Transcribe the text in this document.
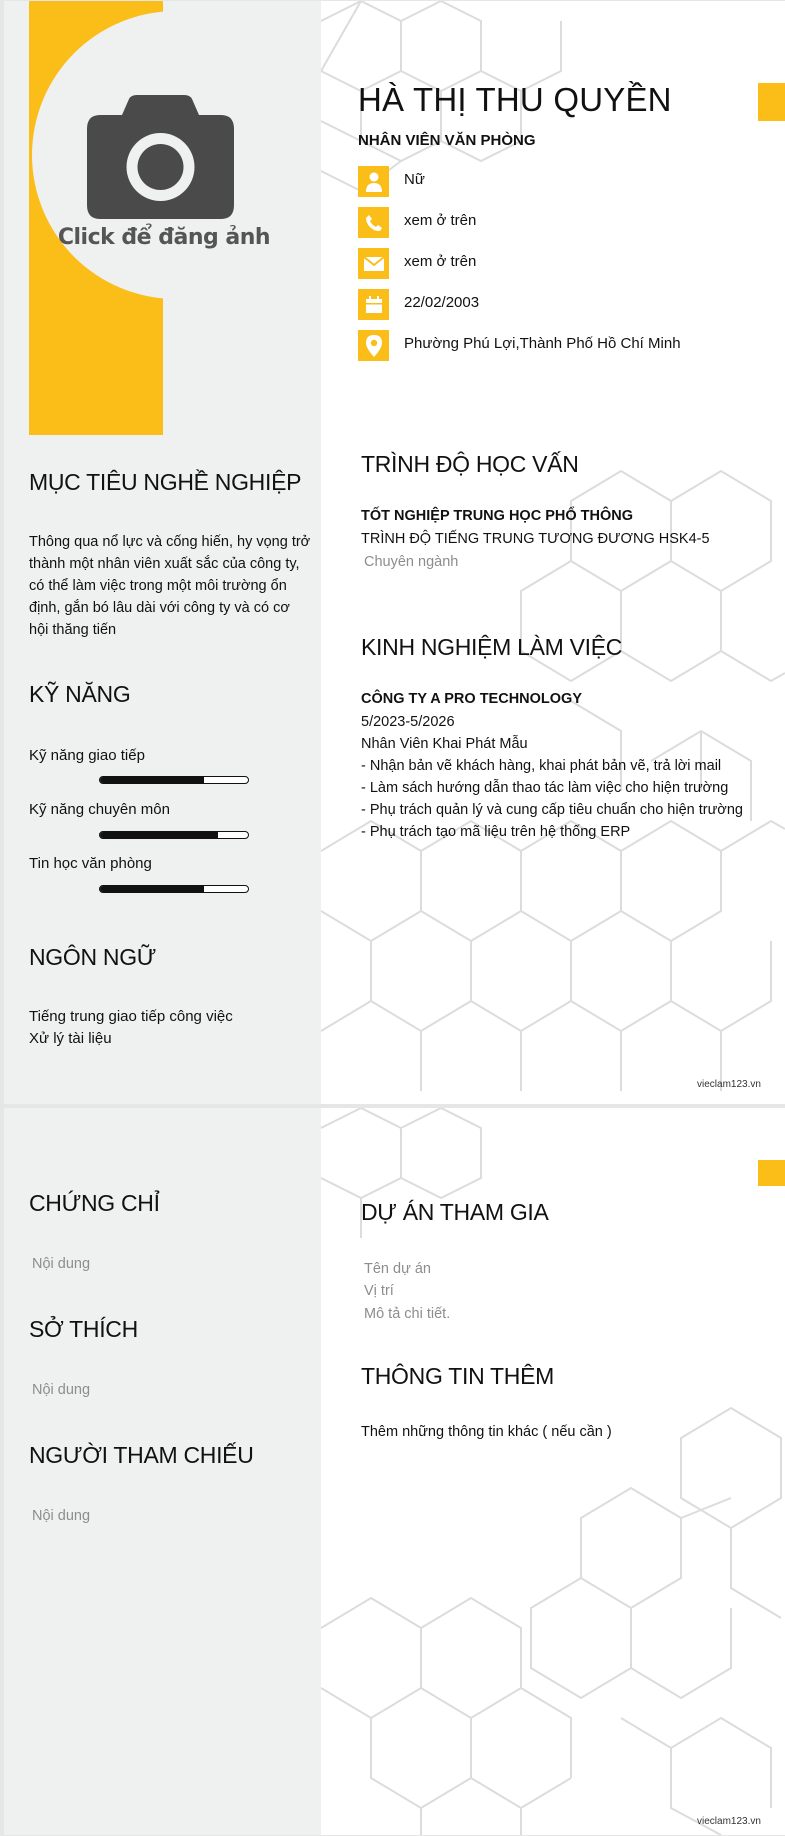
Click để đăng ảnh
HÀ THỊ THU QUYỀN
NHÂN VIÊN VĂN PHÒNG
Nữ
xem ở trên
xem ở trên
22/02/2003
Phường Phú Lợi,Thành Phố Hồ Chí Minh
MỤC TIÊU NGHỀ NGHIỆP
Thông qua nổ lực và cống hiến, hy vọng trở
thành một nhân viên xuất sắc của công ty,
có thể làm việc trong một môi trường ổn
định, gắn bó lâu dài với công ty và có cơ
hội thăng tiến
KỸ NĂNG
Kỹ năng giao tiếp
Kỹ năng chuyên môn
Tin học văn phòng
NGÔN NGỮ
Tiếng trung giao tiếp công việc
Xử lý tài liệu
TRÌNH ĐỘ HỌC VẤN
TỐT NGHIỆP TRUNG HỌC PHỔ THÔNG
TRÌNH ĐỘ TIẾNG TRUNG TƯƠNG ĐƯƠNG HSK4-5
Chuyên ngành
KINH NGHIỆM LÀM VIỆC
CÔNG TY A PRO TECHNOLOGY
5/2023-5/2026
Nhân Viên Khai Phát Mẫu
- Nhận bản vẽ khách hàng, khai phát bản vẽ, trả lời mail
- Làm sách hướng dẫn thao tác làm việc cho hiện trường
- Phụ trách quản lý và cung cấp tiêu chuẩn cho hiện trường
- Phụ trách tạo mã liệu trên hệ thống ERP
vieclam123.vn
CHỨNG CHỈ
Nội dung
SỞ THÍCH
Nội dung
NGƯỜI THAM CHIẾU
Nội dung
DỰ ÁN THAM GIA
Tên dự án
Vị trí
Mô tả chi tiết.
THÔNG TIN THÊM
Thêm những thông tin khác ( nếu cần )
vieclam123.vn
